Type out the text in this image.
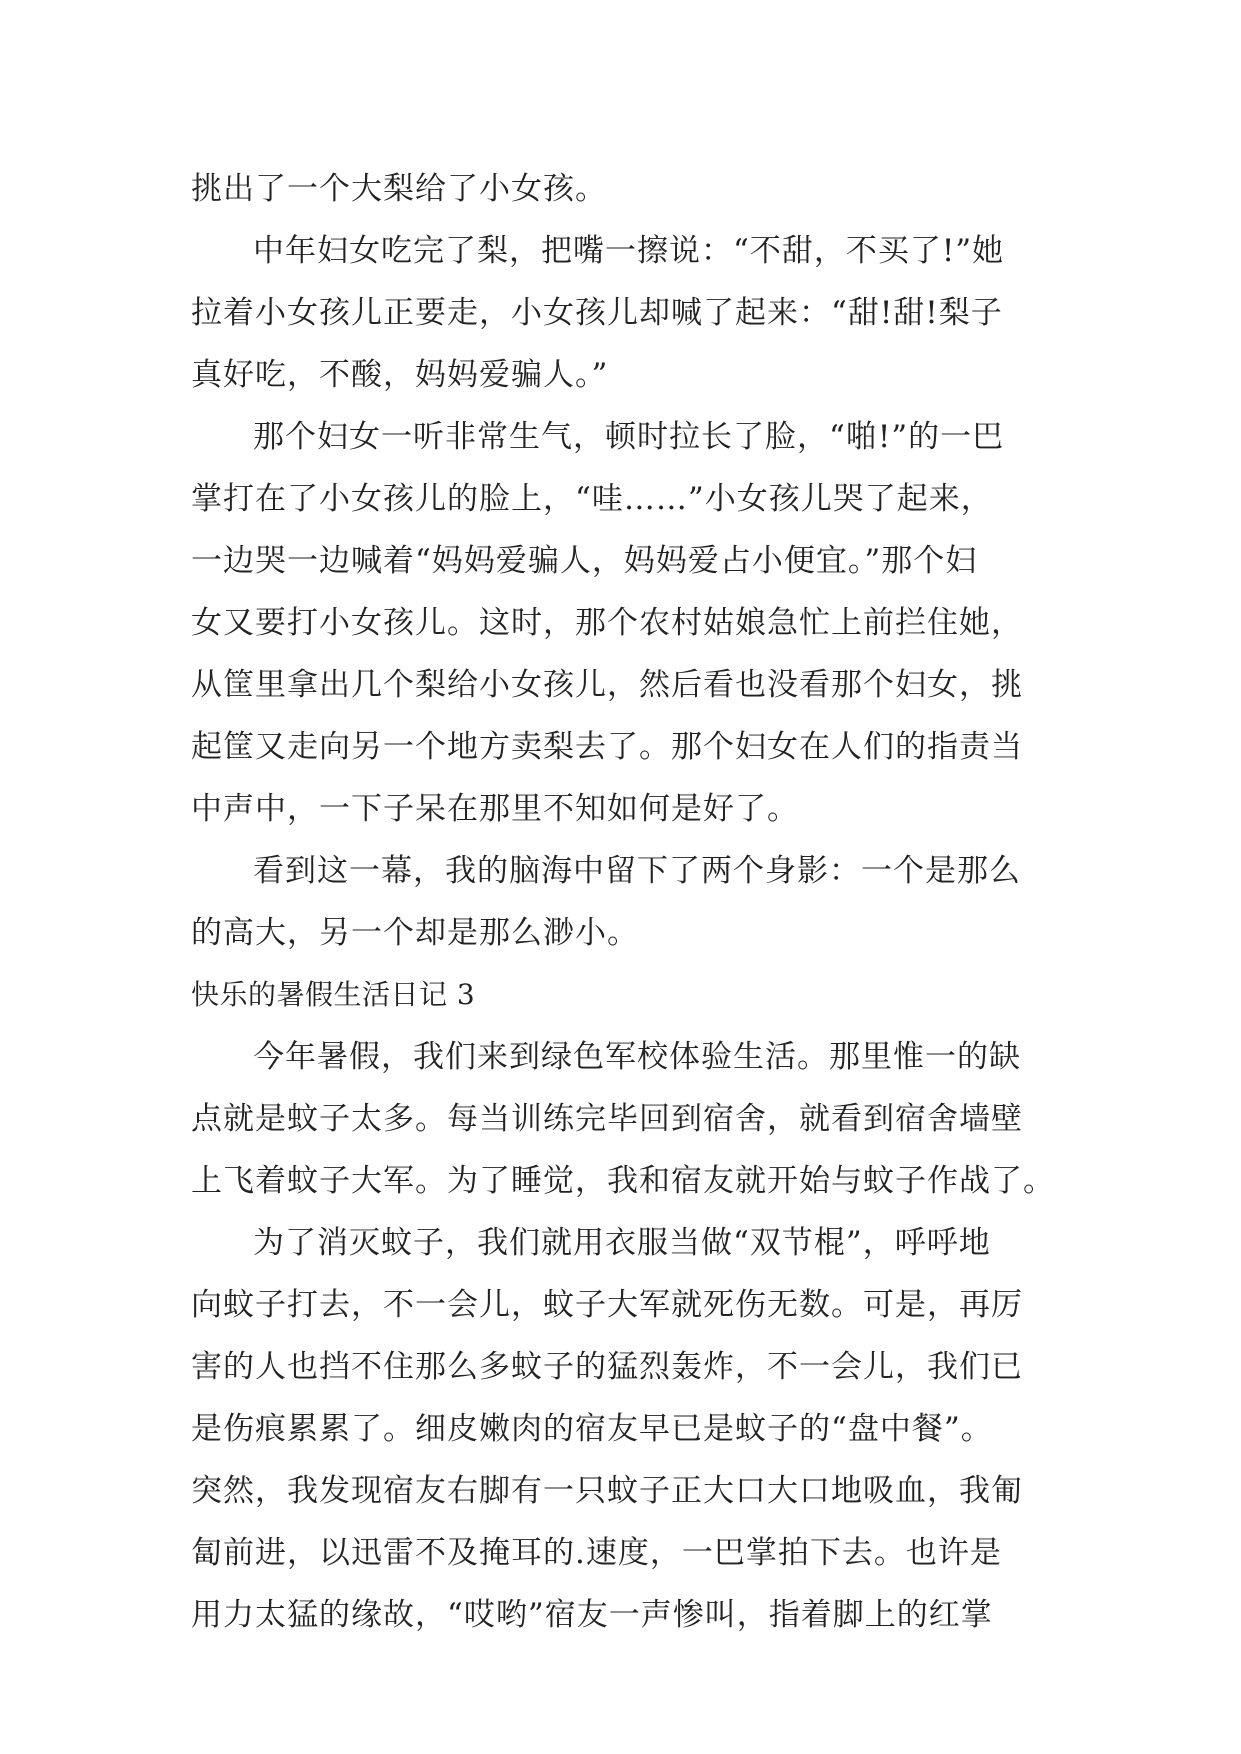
挑出了一个大梨给了小女孩。
中年妇女吃完了梨，把嘴一擦说：“不甜，不买了!”她
拉着小女孩儿正要走，小女孩儿却喊了起来：“甜!甜!梨子
真好吃，不酸，妈妈爱骗人。”
那个妇女一听非常生气，顿时拉长了脸，“啪!”的一巴
掌打在了小女孩儿的脸上，“哇……”小女孩儿哭了起来，
一边哭一边喊着“妈妈爱骗人，妈妈爱占小便宜。”那个妇
女又要打小女孩儿。这时，那个农村姑娘急忙上前拦住她，
从筐里拿出几个梨给小女孩儿，然后看也没看那个妇女，挑
起筐又走向另一个地方卖梨去了。那个妇女在人们的指责当
中声中，一下子呆在那里不知如何是好了。
看到这一幕，我的脑海中留下了两个身影：一个是那么
的高大，另一个却是那么渺小。
快乐的暑假生活日记 3
今年暑假，我们来到绿色军校体验生活。那里惟一的缺
点就是蚊子太多。每当训练完毕回到宿舍，就看到宿舍墙壁
上飞着蚊子大军。为了睡觉，我和宿友就开始与蚊子作战了。
为了消灭蚊子，我们就用衣服当做“双节棍”，呼呼地
向蚊子打去，不一会儿，蚊子大军就死伤无数。可是，再厉
害的人也挡不住那么多蚊子的猛烈轰炸，不一会儿，我们已
是伤痕累累了。细皮嫩肉的宿友早已是蚊子的“盘中餐”。
突然，我发现宿友右脚有一只蚊子正大口大口地吸血，我匍
匐前进，以迅雷不及掩耳的.速度，一巴掌拍下去。也许是
用力太猛的缘故，“哎哟”宿友一声惨叫，指着脚上的红掌
